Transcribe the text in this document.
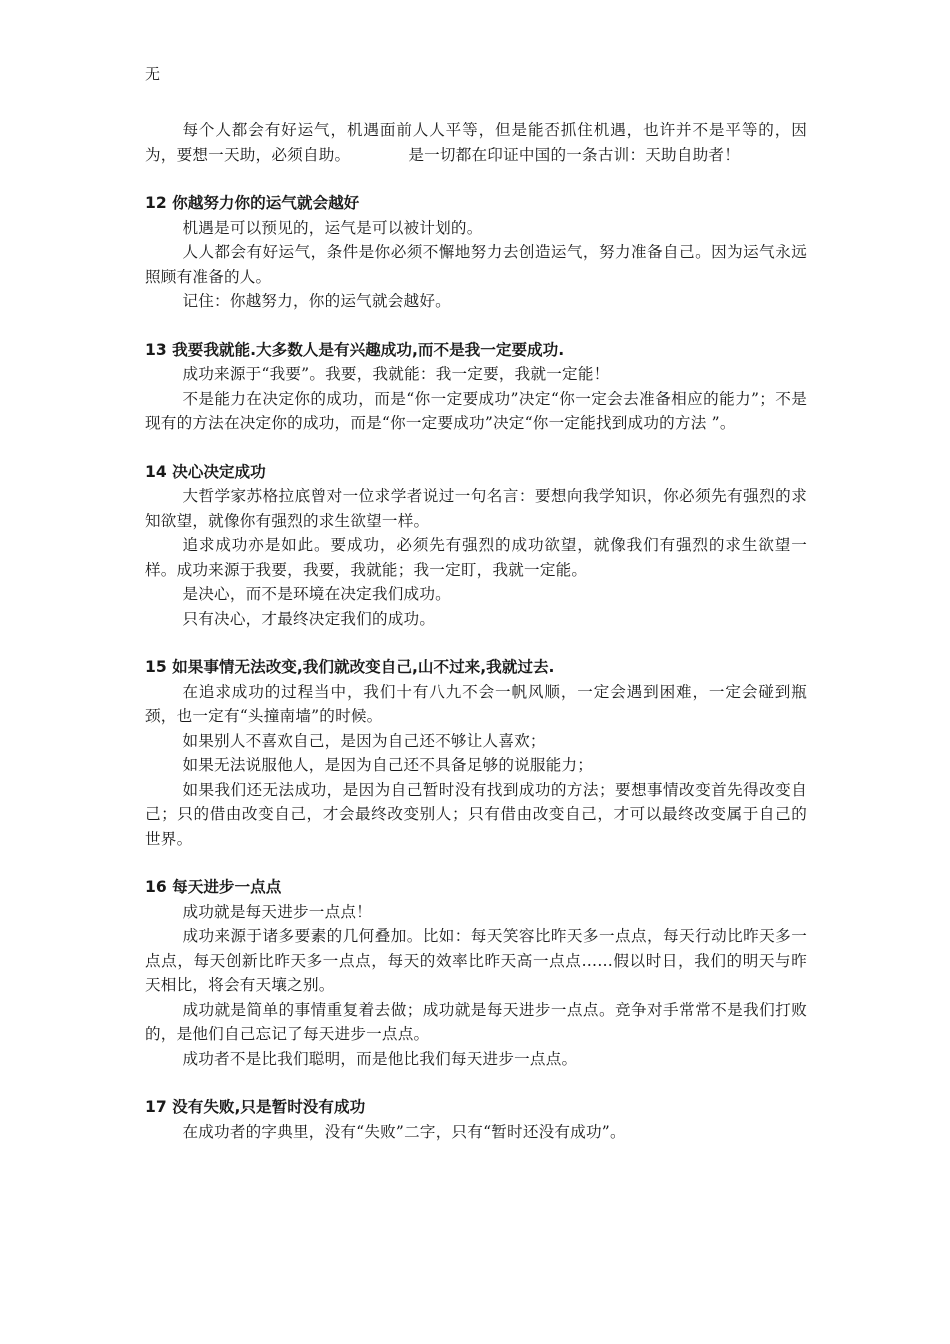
无

每个人都会有好运气，机遇面前人人平等，但是能否抓住机遇，也许并不是平等的，因为，要想一天助，必须自助。	是一切都在印证中国的一条古训：天助自助者！

12 你越努力你的运气就会越好

机遇是可以预见的，运气是可以被计划的。

人人都会有好运气，条件是你必须不懈地努力去创造运气，努力准备自己。因为运气永远照顾有准备的人。

记住：你越努力，你的运气就会越好。

13 我要我就能.大多数人是有兴趣成功,而不是我一定要成功.

成功来源于“我要”。我要，我就能：我一定要，我就一定能！

不是能力在决定你的成功，而是“你一定要成功”决定“你一定会去准备相应的能力”；不是现有的方法在决定你的成功，而是“你一定要成功”决定“你一定能找到成功的方法 ”。

14 决心决定成功

大哲学家苏格拉底曾对一位求学者说过一句名言：要想向我学知识，你必须先有强烈的求知欲望，就像你有强烈的求生欲望一样。

追求成功亦是如此。要成功，必须先有强烈的成功欲望，就像我们有强烈的求生欲望一样。成功来源于我要，我要，我就能；我一定盯，我就一定能。

是决心，而不是环境在决定我们成功。

只有决心，才最终决定我们的成功。

15 如果事情无法改变,我们就改变自己,山不过来,我就过去.

在追求成功的过程当中，我们十有八九不会一帆风顺，一定会遇到困难，一定会碰到瓶颈，也一定有“头撞南墙”的时候。

如果别人不喜欢自己，是因为自己还不够让人喜欢；

如果无法说服他人，是因为自己还不具备足够的说服能力；

如果我们还无法成功，是因为自己暂时没有找到成功的方法；要想事情改变首先得改变自己；只的借由改变自己，才会最终改变别人；只有借由改变自己，才可以最终改变属于自己的世界。

16 每天进步一点点

成功就是每天进步一点点！

成功来源于诸多要素的几何叠加。比如：每天笑容比昨天多一点点，每天行动比昨天多一点点，每天创新比昨天多一点点，每天的效率比昨天高一点点……假以时日，我们的明天与昨天相比，将会有天壤之别。

成功就是简单的事情重复着去做；成功就是每天进步一点点。竞争对手常常不是我们打败的，是他们自己忘记了每天进步一点点。

成功者不是比我们聪明，而是他比我们每天进步一点点。

17 没有失败,只是暂时没有成功

在成功者的字典里，没有“失败”二字，只有“暂时还没有成功”。
